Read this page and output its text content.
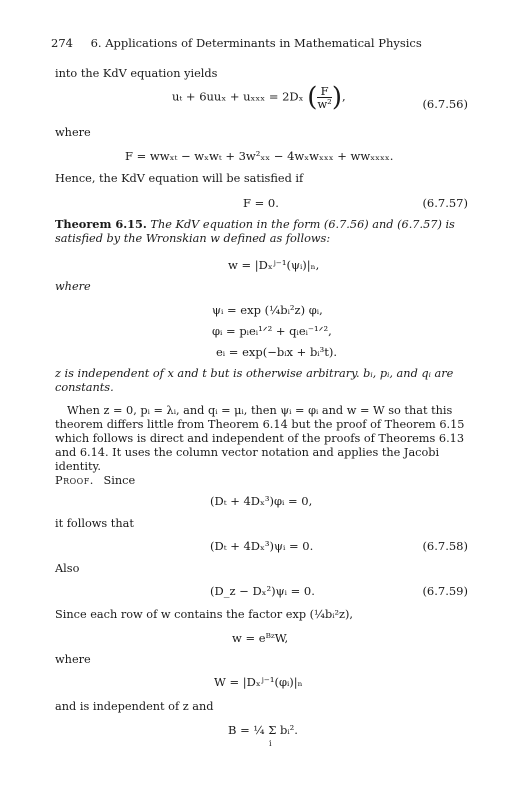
274 6. Applications of Determinants in Mathematical Physics
into the KdV equation yields
uₜ + 6uuₓ + uₓₓₓ = 2Dₓ ( $\frac{F}{\text{w²}}$ ),
(6.7.56)
where
F = wwₓₜ − wₓwₜ + 3w²ₓₓ − 4wₓwₓₓₓ + wwₓₓₓₓ.
Hence, the KdV equation will be satisfied if
F = 0.	(6.7.57)
Theorem 6.15. The KdV equation in the form (6.7.56) and (6.7.57) is satisfied by the Wronskian w defined as follows:
w = |Dₓʲ⁻¹(ψᵢ)|ₙ,
where
ψᵢ = exp (¼bᵢ²z) φᵢ,
φᵢ = pᵢeᵢ¹ᐟ² + qᵢeᵢ⁻¹ᐟ²,
eᵢ = exp(−bᵢx + bᵢ³t).
z is independent of x and t but is otherwise arbitrary. bᵢ, pᵢ, and qᵢ are constants.
When z = 0, pᵢ = λᵢ, and qᵢ = μᵢ, then ψᵢ = φᵢ and w = W so that this theorem differs little from Theorem 6.14 but the proof of Theorem 6.15 which follows is direct and independent of the proofs of Theorems 6.13 and 6.14. It uses the column vector notation and applies the Jacobi identity.
Proof. Since
(Dₜ + 4Dₓ³)φᵢ = 0,
it follows that
(Dₜ + 4Dₓ³)ψᵢ = 0.	(6.7.58)
Also
(D_z − Dₓ²)ψᵢ = 0.	(6.7.59)
Since each row of w contains the factor exp (¼bᵢ²z),
w = eᴮᶻW,
where
W = |Dₓʲ⁻¹(φᵢ)|ₙ
and is independent of z and
B = ¼ Σ bᵢ².
i
